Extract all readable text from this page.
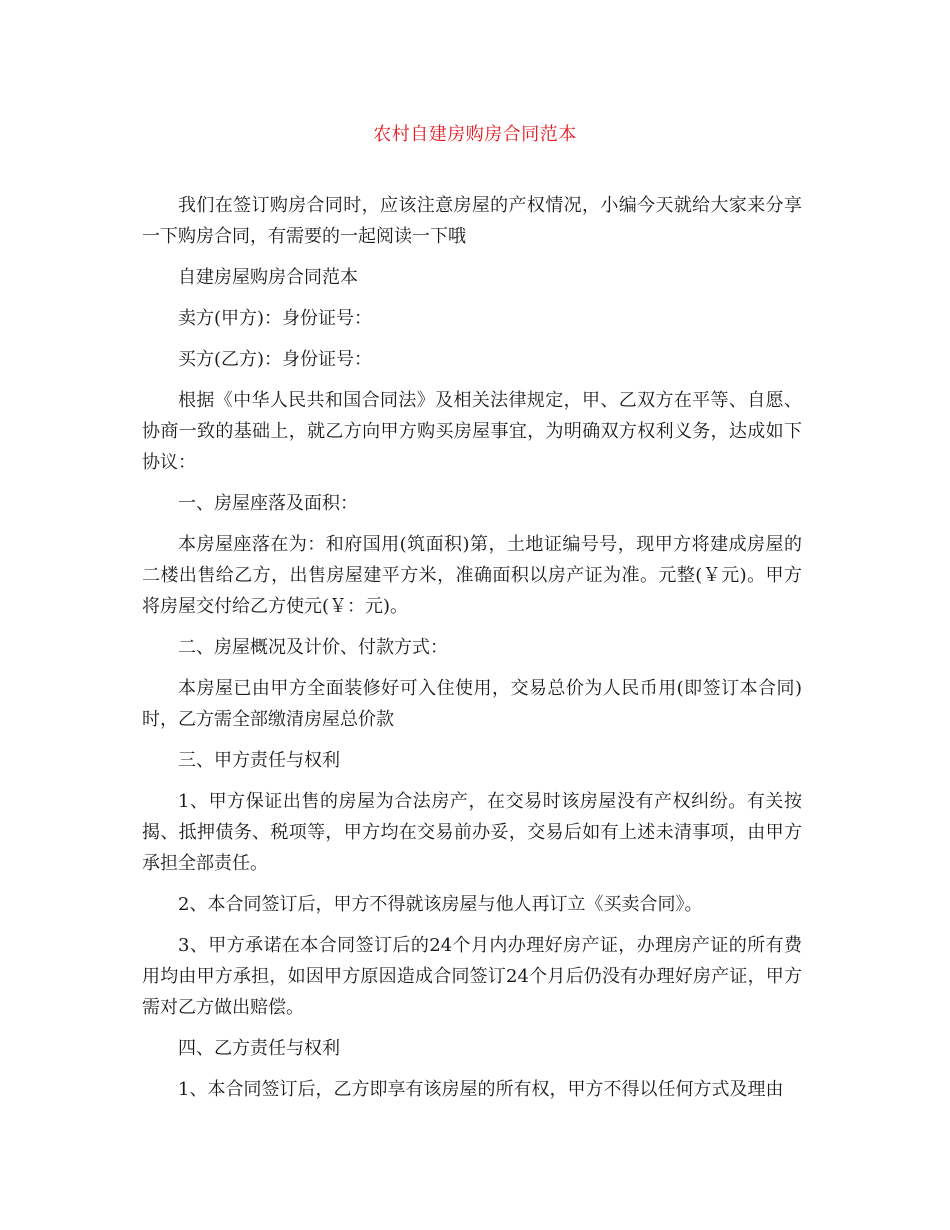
农村自建房购房合同范本

我们在签订购房合同时，应该注意房屋的产权情况，小编今天就给大家来分享一下购房合同，有需要的一起阅读一下哦

自建房屋购房合同范本

卖方(甲方)：身份证号：

买方(乙方)：身份证号：

根据《中华人民共和国合同法》及相关法律规定，甲、乙双方在平等、自愿、协商一致的基础上，就乙方向甲方购买房屋事宜，为明确双方权利义务，达成如下协议：

一、房屋座落及面积：

本房屋座落在为：和府国用(筑面积)第，土地证编号号，现甲方将建成房屋的二楼出售给乙方，出售房屋建平方米，准确面积以房产证为准。元整(￥元)。甲方将房屋交付给乙方使元(￥：元)。

二、房屋概况及计价、付款方式：

本房屋已由甲方全面装修好可入住使用，交易总价为人民币用(即签订本合同)时，乙方需全部缴清房屋总价款

三、甲方责任与权利

1、甲方保证出售的房屋为合法房产，在交易时该房屋没有产权纠纷。有关按揭、抵押债务、税项等，甲方均在交易前办妥，交易后如有上述未清事项，由甲方承担全部责任。

2、本合同签订后，甲方不得就该房屋与他人再订立《买卖合同》。

3、甲方承诺在本合同签订后的24个月内办理好房产证，办理房产证的所有费用均由甲方承担，如因甲方原因造成合同签订24个月后仍没有办理好房产证，甲方需对乙方做出赔偿。

四、乙方责任与权利

1、本合同签订后，乙方即享有该房屋的所有权，甲方不得以任何方式及理由
